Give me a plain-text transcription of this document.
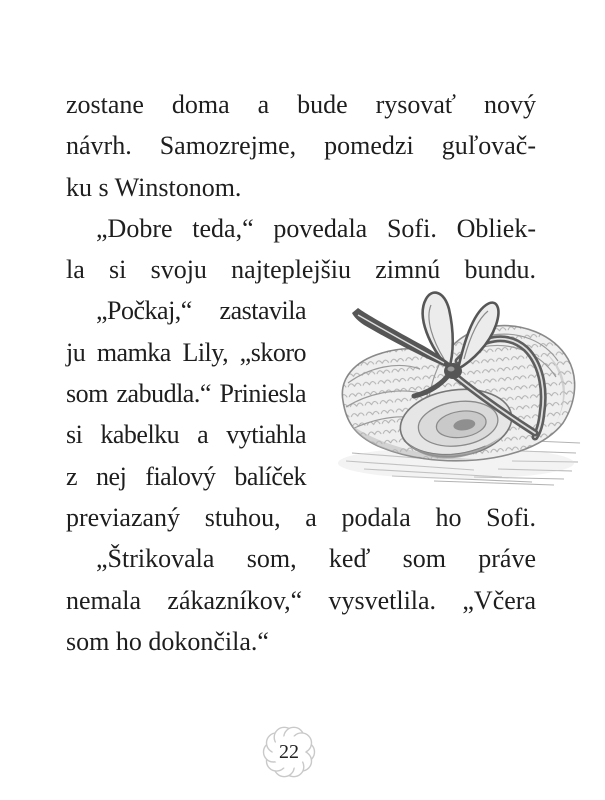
zostane doma a bude rysovať nový
návrh. Samozrejme, pomedzi guľovač-
ku s Winstonom.
„Dobre teda,“ povedala Sofi. Obliek-
la si svoju najteplejšiu zimnú bundu.
„Počkaj,“ zastavila
ju mamka Lily, „skoro
som zabudla.“ Priniesla
si kabelku a vytiahla
z nej fialový balíček
previazaný stuhou, a podala ho Sofi.
„Štrikovala som, keď som práve
nemala zákazníkov,“ vysvetlila. „Včera
som ho dokončila.“
22
